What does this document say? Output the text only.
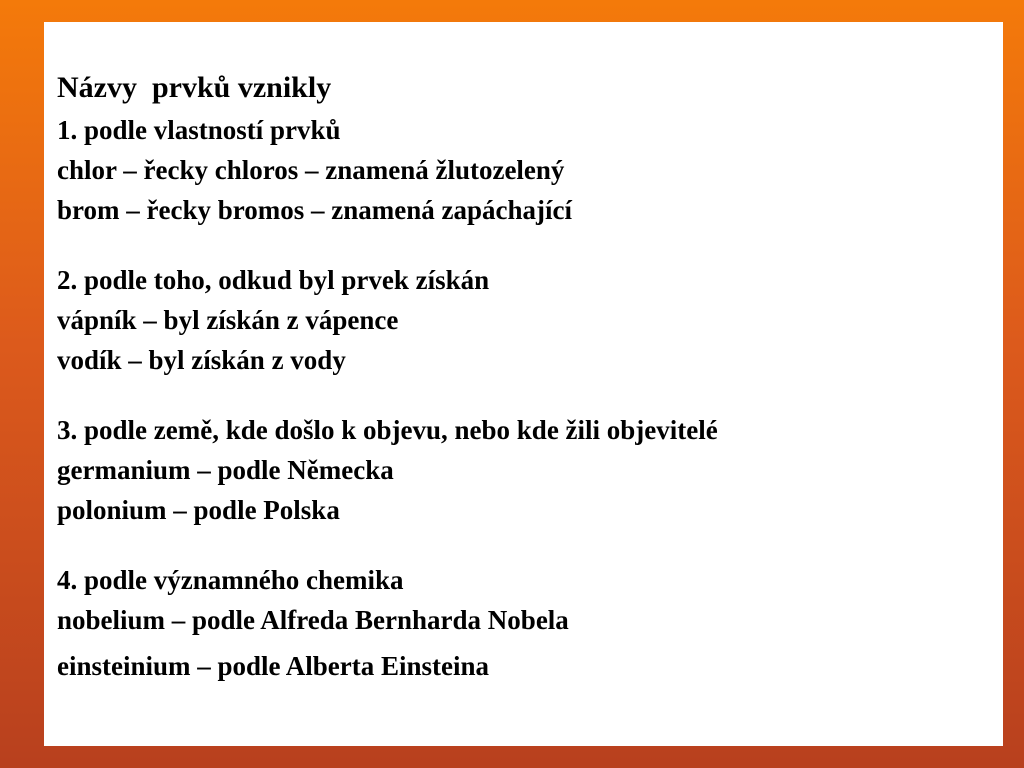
Názvy  prvků vznikly
1. podle vlastností prvků
chlor – řecky chloros – znamená žlutozelený
brom – řecky bromos – znamená zapáchající
2. podle toho, odkud byl prvek získán
vápník – byl získán z vápence
vodík – byl získán z vody
3. podle země, kde došlo k objevu, nebo kde žili objevitelé
germanium – podle Německa
polonium – podle Polska
4. podle významného chemika
nobelium – podle Alfreda Bernharda Nobela
einsteinium – podle Alberta Einsteina
